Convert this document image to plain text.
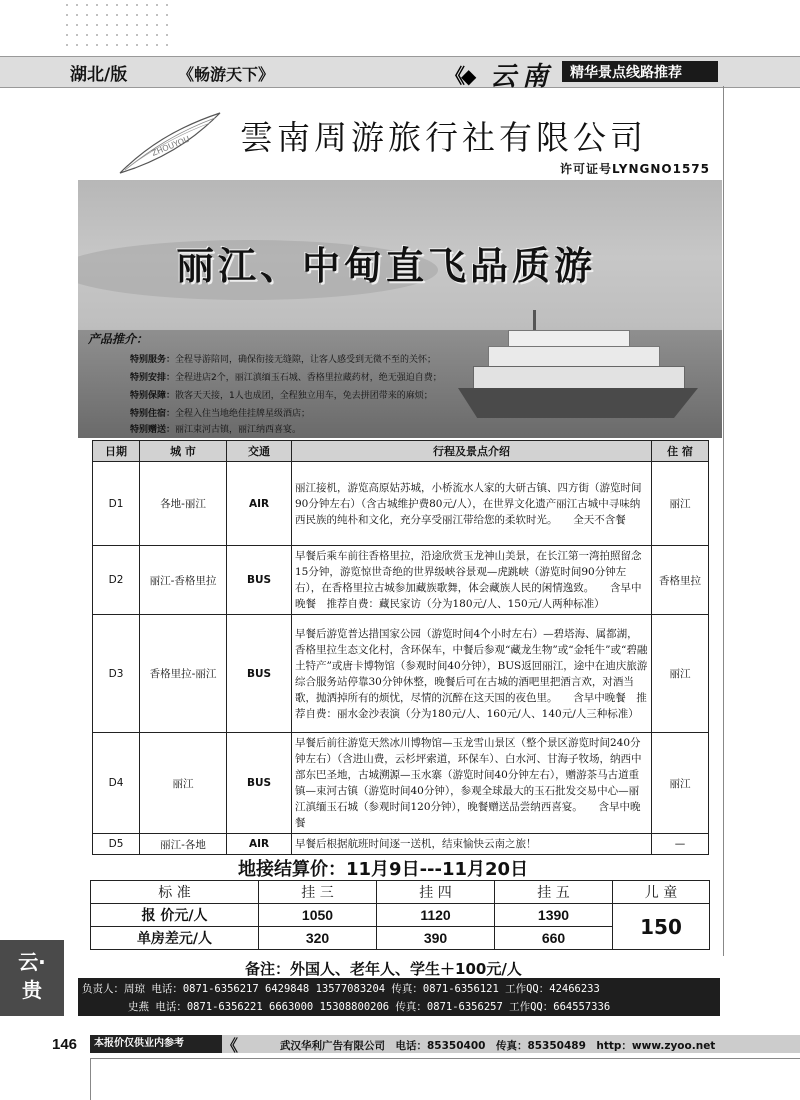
湖北/版	《畅游天下》	《◆ 云南 精华景点线路推荐
ZHOUYOU 雲南周游旅行社有限公司
许可证号LYNGNO1575
丽江、中甸直飞品质游
产品推介：
特别服务：全程导游陪同，确保衔接无缝隙，让客人感受到无微不至的关怀；
特别安排：全程进店2个，丽江滇缅玉石城、香格里拉藏药材，绝无强迫自费；
特别保障：散客天天接，1人也成团，全程独立用车，免去拼团带来的麻烦；
特别住宿：全程入住当地绝佳挂牌星级酒店；
特别赠送：丽江束河古镇，丽江纳西喜宴。
日期	城 市	交通	行程及景点介绍	住 宿
D1	各地-丽江	AIR	丽江接机，游览高原姑苏城，小桥流水人家的大研古镇、四方街（游览时间90分钟左右）（含古城维护费80元/人），在世界文化遗产丽江古城中寻味纳西民族的纯朴和文化，充分享受丽江带给您的柔软时光。　　全天不含餐	丽江
D2	丽江-香格里拉	BUS	早餐后乘车前往香格里拉，沿途欣赏玉龙神山美景，在长江第一湾拍照留念15分钟，游览惊世奇绝的世界级峡谷景观—虎跳峡（游览时间90分钟左右），在香格里拉古城参加藏族歌舞，体会藏族人民的闲情逸致。　　含早中晚餐　推荐自费：藏民家访（分为180元/人、150元/人两种标准）	香格里拉
D3	香格里拉-丽江	BUS	早餐后游览普达措国家公园（游览时间4个小时左右）—碧塔海、属都湖，香格里拉生态文化村，含环保车，中餐后参观“藏龙生物”或“金牦牛”或“碧融土特产”或唐卡博物馆（参观时间40分钟），BUS返回丽江，途中在迪庆旅游综合服务站停靠30分钟休整，晚餐后可在古城的酒吧里把酒言欢，对酒当歌，抛洒掉所有的烦忧，尽情的沉醉在这天国的夜色里。　　含早中晚餐　推荐自费：丽水金沙表演（分为180元/人、160元/人、140元/人三种标准）	丽江
D4	丽江	BUS	早餐后前往游览天然冰川博物馆—玉龙雪山景区（整个景区游览时间240分钟左右）（含进山费，云杉坪索道，环保车）、白水河、甘海子牧场，纳西中部东巴圣地，古城溯源—玉水寨（游览时间40分钟左右），赠游茶马古道重镇—束河古镇（游览时间40分钟），参观全球最大的玉石批发交易中心—丽江滇缅玉石城（参观时间120分钟），晚餐赠送品尝纳西喜宴。　　含早中晚餐	丽江
D5	丽江-各地	AIR	早餐后根据航班时间逐一送机，结束愉快云南之旅！	—
地接结算价：11月9日---11月20日
标 准	挂 三	挂 四	挂 五	儿 童
报 价元/人	1050	1120	1390	150
单房差元/人	320	390	660	
备注：外国人、老年人、学生＋100元/人
云·贵	负责人：周琼 电话：0871-6356217 6429848 13577083204 传真：0871-6356121 工作QQ：42466233
史燕 电话：0871-6356221 6663000 15308800206 传真：0871-6356257 工作QQ：664557336
146	本报价仅供业内参考	《	武汉华利广告有限公司　电话：85350400　传真：85350489　http：www.zyoo.net
